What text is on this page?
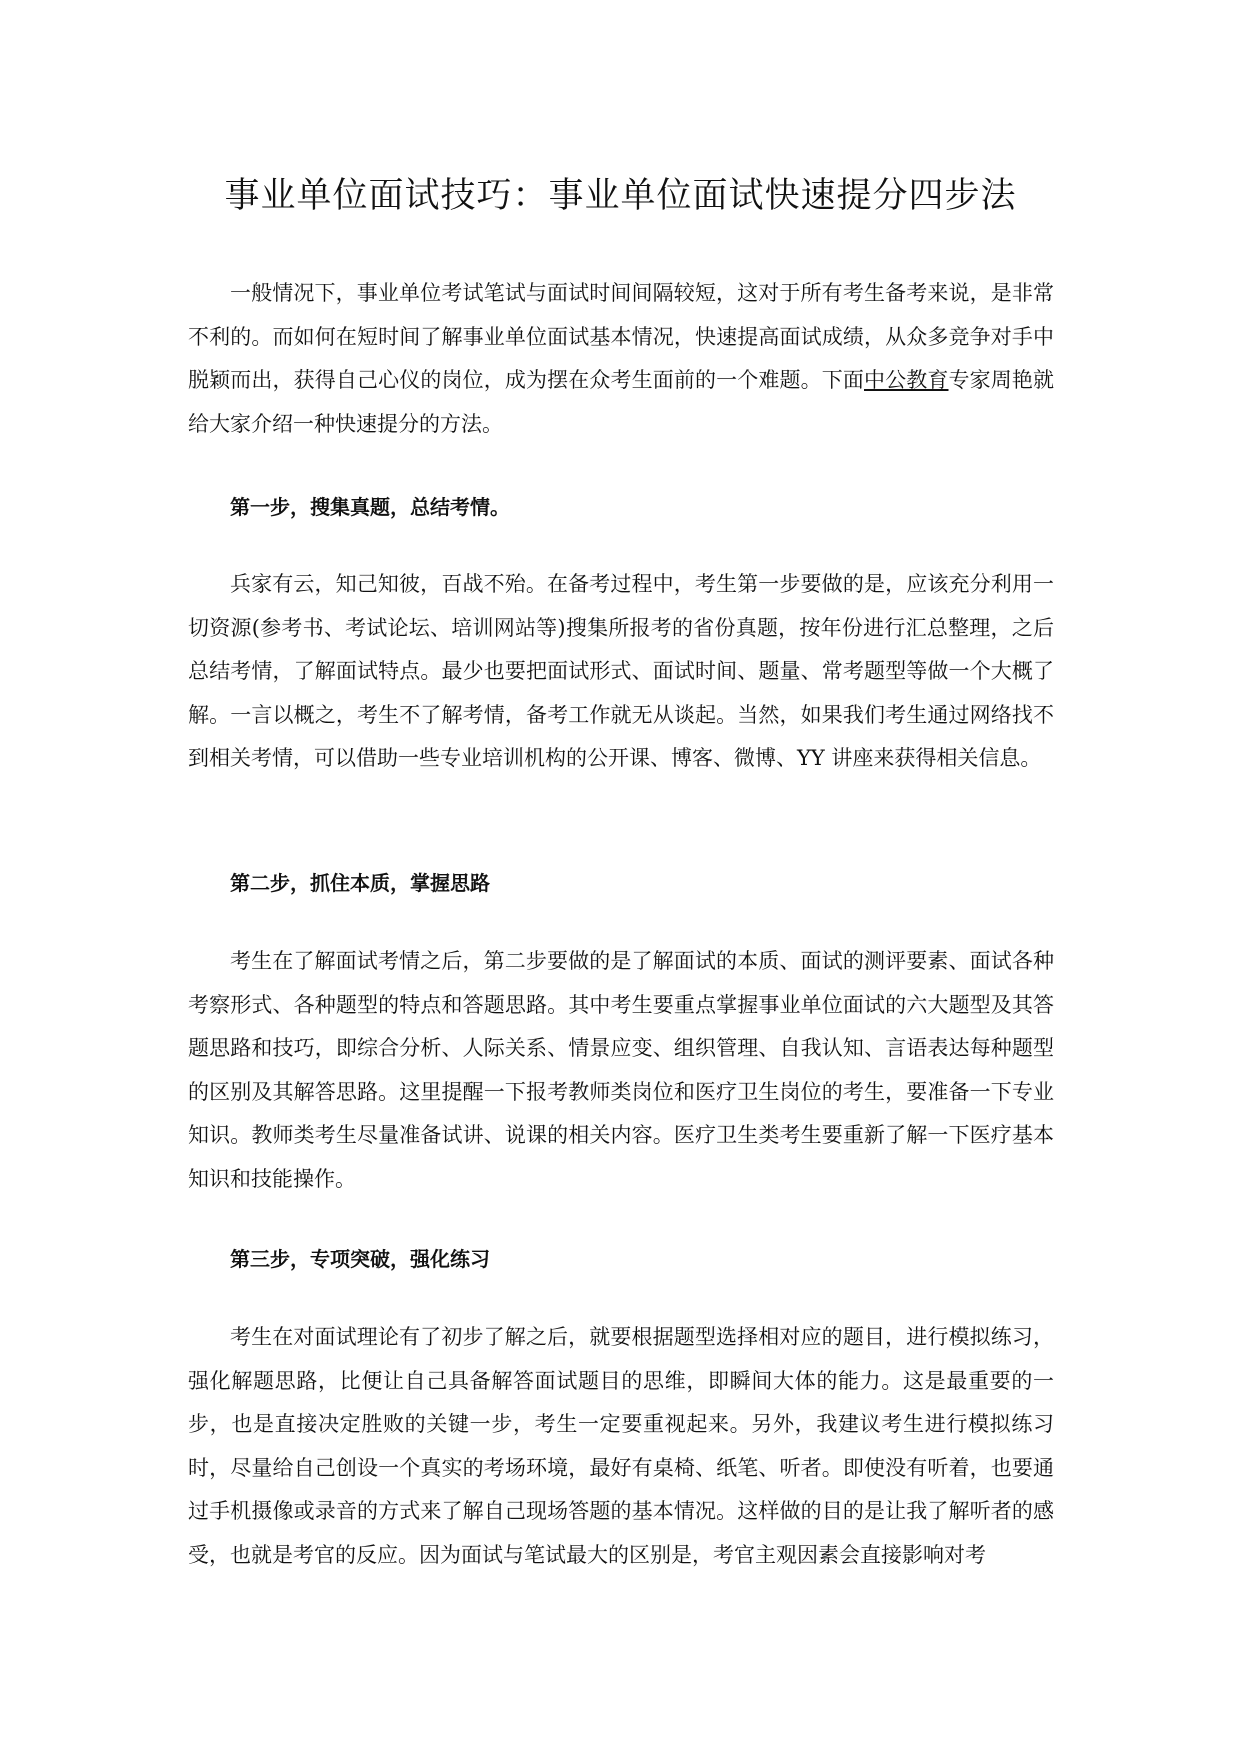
事业单位面试技巧：事业单位面试快速提分四步法

一般情况下，事业单位考试笔试与面试时间间隔较短，这对于所有考生备考来说，是非常不利的。而如何在短时间了解事业单位面试基本情况，快速提高面试成绩，从众多竞争对手中脱颖而出，获得自己心仪的岗位，成为摆在众考生面前的一个难题。下面中公教育专家周艳就给大家介绍一种快速提分的方法。

第一步，搜集真题，总结考情。

兵家有云，知己知彼，百战不殆。在备考过程中，考生第一步要做的是，应该充分利用一切资源(参考书、考试论坛、培训网站等)搜集所报考的省份真题，按年份进行汇总整理，之后总结考情，了解面试特点。最少也要把面试形式、面试时间、题量、常考题型等做一个大概了解。一言以概之，考生不了解考情，备考工作就无从谈起。当然，如果我们考生通过网络找不到相关考情，可以借助一些专业培训机构的公开课、博客、微博、YY 讲座来获得相关信息。

第二步，抓住本质，掌握思路

考生在了解面试考情之后，第二步要做的是了解面试的本质、面试的测评要素、面试各种考察形式、各种题型的特点和答题思路。其中考生要重点掌握事业单位面试的六大题型及其答题思路和技巧，即综合分析、人际关系、情景应变、组织管理、自我认知、言语表达每种题型的区别及其解答思路。这里提醒一下报考教师类岗位和医疗卫生岗位的考生，要准备一下专业知识。教师类考生尽量准备试讲、说课的相关内容。医疗卫生类考生要重新了解一下医疗基本知识和技能操作。

第三步，专项突破，强化练习

考生在对面试理论有了初步了解之后，就要根据题型选择相对应的题目，进行模拟练习，强化解题思路，比便让自己具备解答面试题目的思维，即瞬间大体的能力。这是最重要的一步，也是直接决定胜败的关键一步，考生一定要重视起来。另外，我建议考生进行模拟练习时，尽量给自己创设一个真实的考场环境，最好有桌椅、纸笔、听者。即使没有听着，也要通过手机摄像或录音的方式来了解自己现场答题的基本情况。这样做的目的是让我了解听者的感受，也就是考官的反应。因为面试与笔试最大的区别是，考官主观因素会直接影响对考
